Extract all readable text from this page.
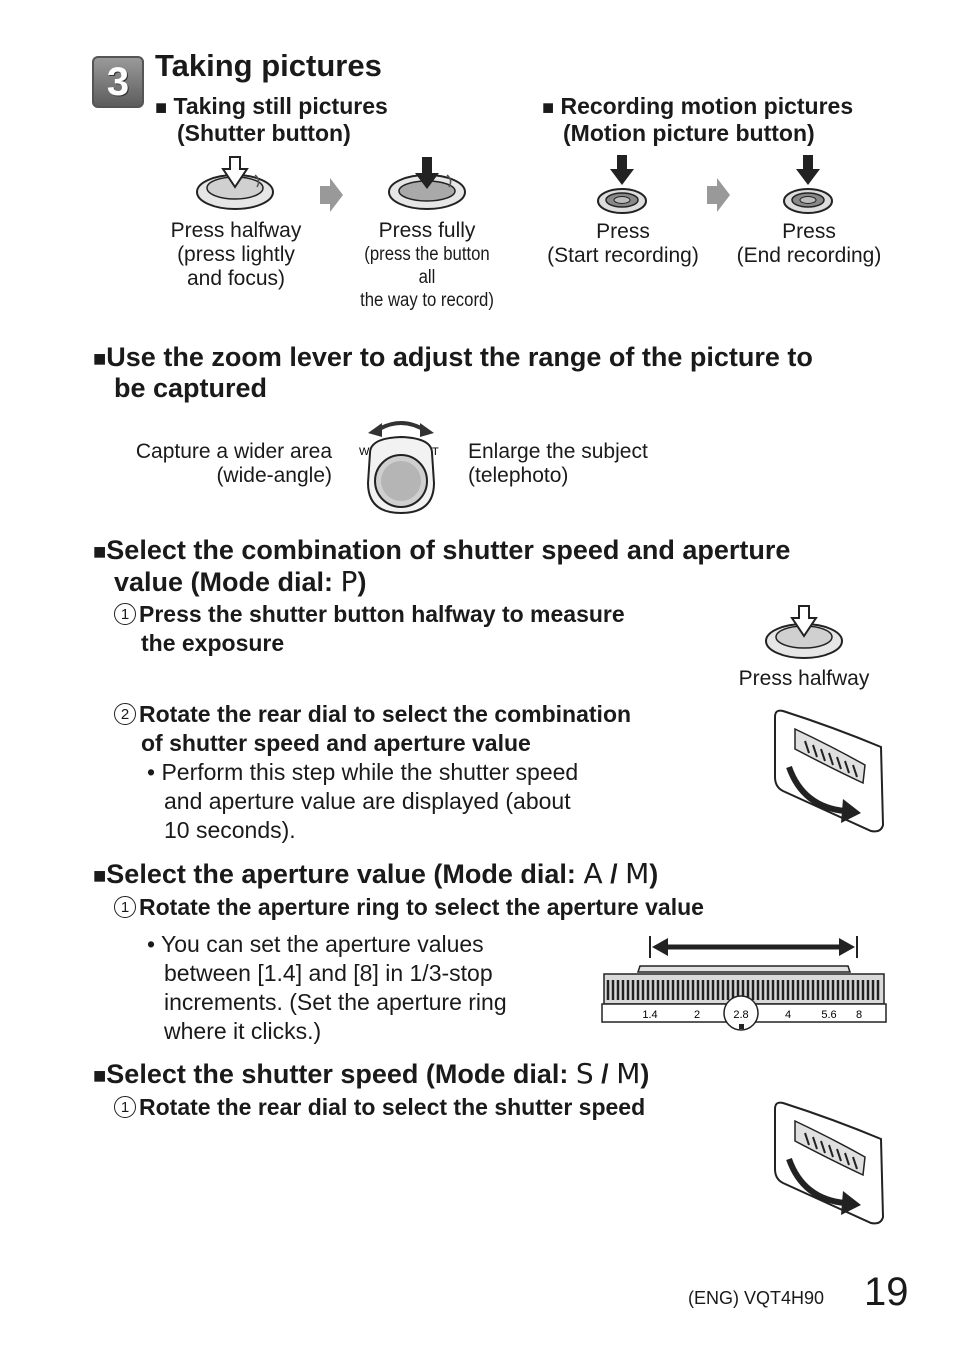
3 Taking pictures
■ Taking still pictures
(Shutter button)
Press halfway
(press lightly
and focus)
Press fully
(press the button all
the way to record)
■ Recording motion pictures
(Motion picture button)
Press
(Start recording)
Press
(End recording)
■Use the zoom lever to adjust the range of the picture to
be captured
Capture a wider area
(wide-angle)
W	T Enlarge the subject
(telephoto)
■Select the combination of shutter speed and aperture
value (Mode dial: P)
1 Press the shutter button halfway to measure
the exposure
Press halfway
2 Rotate the rear dial to select the combination
of shutter speed and aperture value
• Perform this step while the shutter speed
and aperture value are displayed (about
10 seconds).
■Select the aperture value (Mode dial: A / M)
1 Rotate the aperture ring to select the aperture value
• You can set the aperture values
between [1.4] and [8] in 1/3-stop
increments. (Set the aperture ring
where it clicks.)
1.4	2	2.8	4	5.6 8
■Select the shutter speed (Mode dial: S / M)
1 Rotate the rear dial to select the shutter speed
(ENG) VQT4H90 19
